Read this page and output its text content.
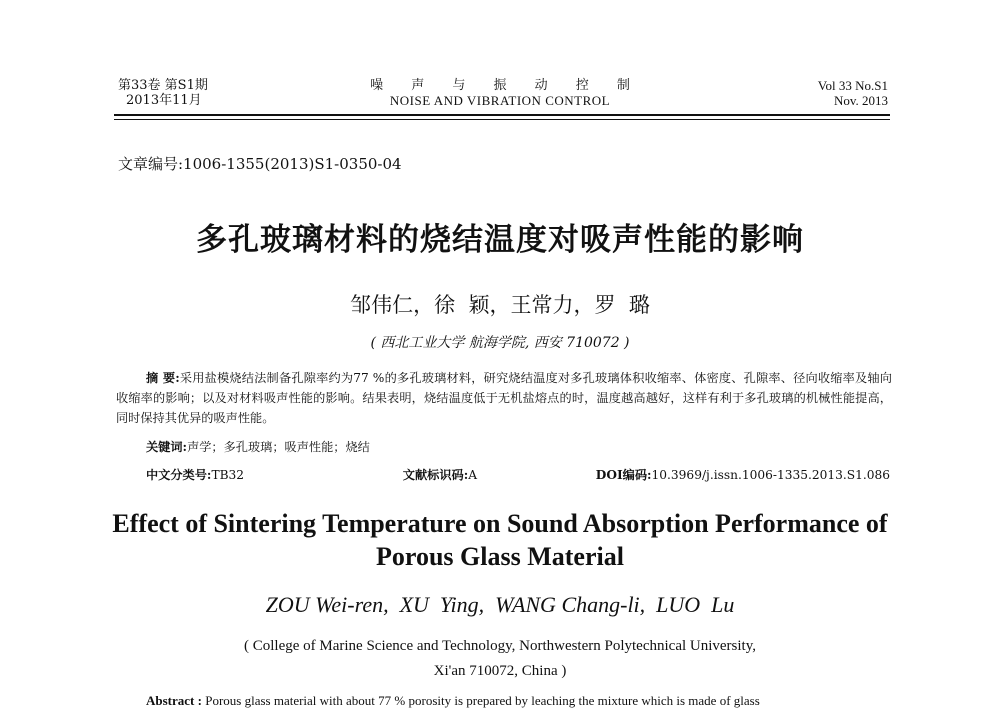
第33卷 第S1期
2013年11月
噪 声 与 振 动 控 制
NOISE AND VIBRATION CONTROL
Vol 33 No.S1
Nov. 2013
文章编号:1006-1355(2013)S1-0350-04
多孔玻璃材料的烧结温度对吸声性能的影响
邹伟仁，徐  颖，王常力，罗  璐
( 西北工业大学 航海学院, 西安 710072 )
摘 要:采用盐模烧结法制备孔隙率约为77 %的多孔玻璃材料，研究烧结温度对多孔玻璃体积收缩率、体密度、孔隙率、径向收缩率及轴向收缩率的影响；以及对材料吸声性能的影响。结果表明，烧结温度低于无机盐熔点的时，温度越高越好，这样有利于多孔玻璃的机械性能提高，同时保持其优异的吸声性能。
关键词:声学；多孔玻璃；吸声性能；烧结
中文分类号:TB32	文献标识码:A	DOI编码:10.3969/j.issn.1006-1335.2013.S1.086
Effect of Sintering Temperature on Sound Absorption Performance of
Porous Glass Material
ZOU Wei-ren,  XU  Ying,  WANG Chang-li,  LUO  Lu
( College of Marine Science and Technology, Northwestern Polytechnical University,
Xi'an 710072, China )
Abstract : Porous glass material with about 77 % porosity is prepared by leaching the mixture which is made of glass
